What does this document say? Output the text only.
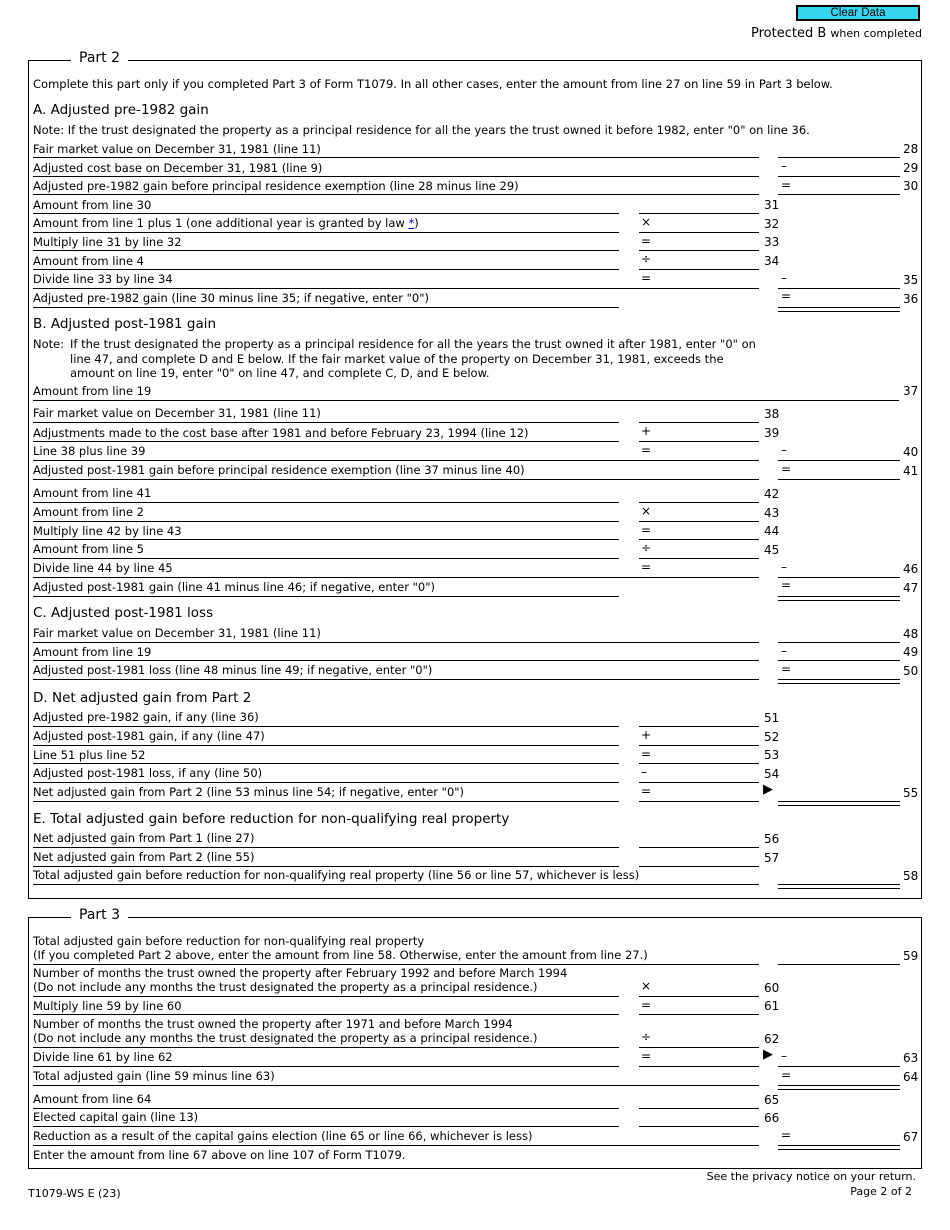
Clear Data
Protected B when completed
Part 2
Complete this part only if you completed Part 3 of Form T1079. In all other cases, enter the amount from line 27 on line 59 in Part 3 below.
A. Adjusted pre-1982 gain
Note: If the trust designated the property as a principal residence for all the years the trust owned it before 1982, enter "0" on line 36.
Fair market value on December 31, 1981 (line 11)	28
Adjusted cost base on December 31, 1981 (line 9)	–	29
Adjusted pre-1982 gain before principal residence exemption (line 28 minus line 29)	=	30
Amount from line 30	31
Amount from line 1 plus 1 (one additional year is granted by law *)	×	32
Multiply line 31 by line 32	=	33
Amount from line 4	÷	34
Divide line 33 by line 34	=	–	35
Adjusted pre-1982 gain (line 30 minus line 35; if negative, enter "0")	=	36
B. Adjusted post-1981 gain
Note: If the trust designated the property as a principal residence for all the years the trust owned it after 1981, enter "0" on line 47, and complete D and E below. If the fair market value of the property on December 31, 1981, exceeds the amount on line 19, enter "0" on line 47, and complete C, D, and E below.
Amount from line 19	37
Fair market value on December 31, 1981 (line 11)	38
Adjustments made to the cost base after 1981 and before February 23, 1994 (line 12)	+	39
Line 38 plus line 39	=	–	40
Adjusted post-1981 gain before principal residence exemption (line 37 minus line 40)	=	41
Amount from line 41	42
Amount from line 2	×	43
Multiply line 42 by line 43	=	44
Amount from line 5	÷	45
Divide line 44 by line 45	=	–	46
Adjusted post-1981 gain (line 41 minus line 46; if negative, enter "0")	=	47
C. Adjusted post-1981 loss
Fair market value on December 31, 1981 (line 11)	48
Amount from line 19	–	49
Adjusted post-1981 loss (line 48 minus line 49; if negative, enter "0")	=	50
D. Net adjusted gain from Part 2
Adjusted pre-1982 gain, if any (line 36)	51
Adjusted post-1981 gain, if any (line 47)	+	52
Line 51 plus line 52	=	53
Adjusted post-1981 loss, if any (line 50)	–	54
Net adjusted gain from Part 2 (line 53 minus line 54; if negative, enter "0")	=	▶	55
E. Total adjusted gain before reduction for non-qualifying real property
Net adjusted gain from Part 1 (line 27)	56
Net adjusted gain from Part 2 (line 55)	57
Total adjusted gain before reduction for non-qualifying real property (line 56 or line 57, whichever is less)	58
Part 3
Total adjusted gain before reduction for non-qualifying real property
(If you completed Part 2 above, enter the amount from line 58. Otherwise, enter the amount from line 27.)	59
Number of months the trust owned the property after February 1992 and before March 1994
(Do not include any months the trust designated the property as a principal residence.)	×	60
Multiply line 59 by line 60	=	61
Number of months the trust owned the property after 1971 and before March 1994
(Do not include any months the trust designated the property as a principal residence.)	÷	62
Divide line 61 by line 62	=	▶ –	63
Total adjusted gain (line 59 minus line 63)	=	64
Amount from line 64	65
Elected capital gain (line 13)	66
Reduction as a result of the capital gains election (line 65 or line 66, whichever is less)	=	67
Enter the amount from line 67 above on line 107 of Form T1079.
T1079-WS E (23)
See the privacy notice on your return.
Page 2 of 2
